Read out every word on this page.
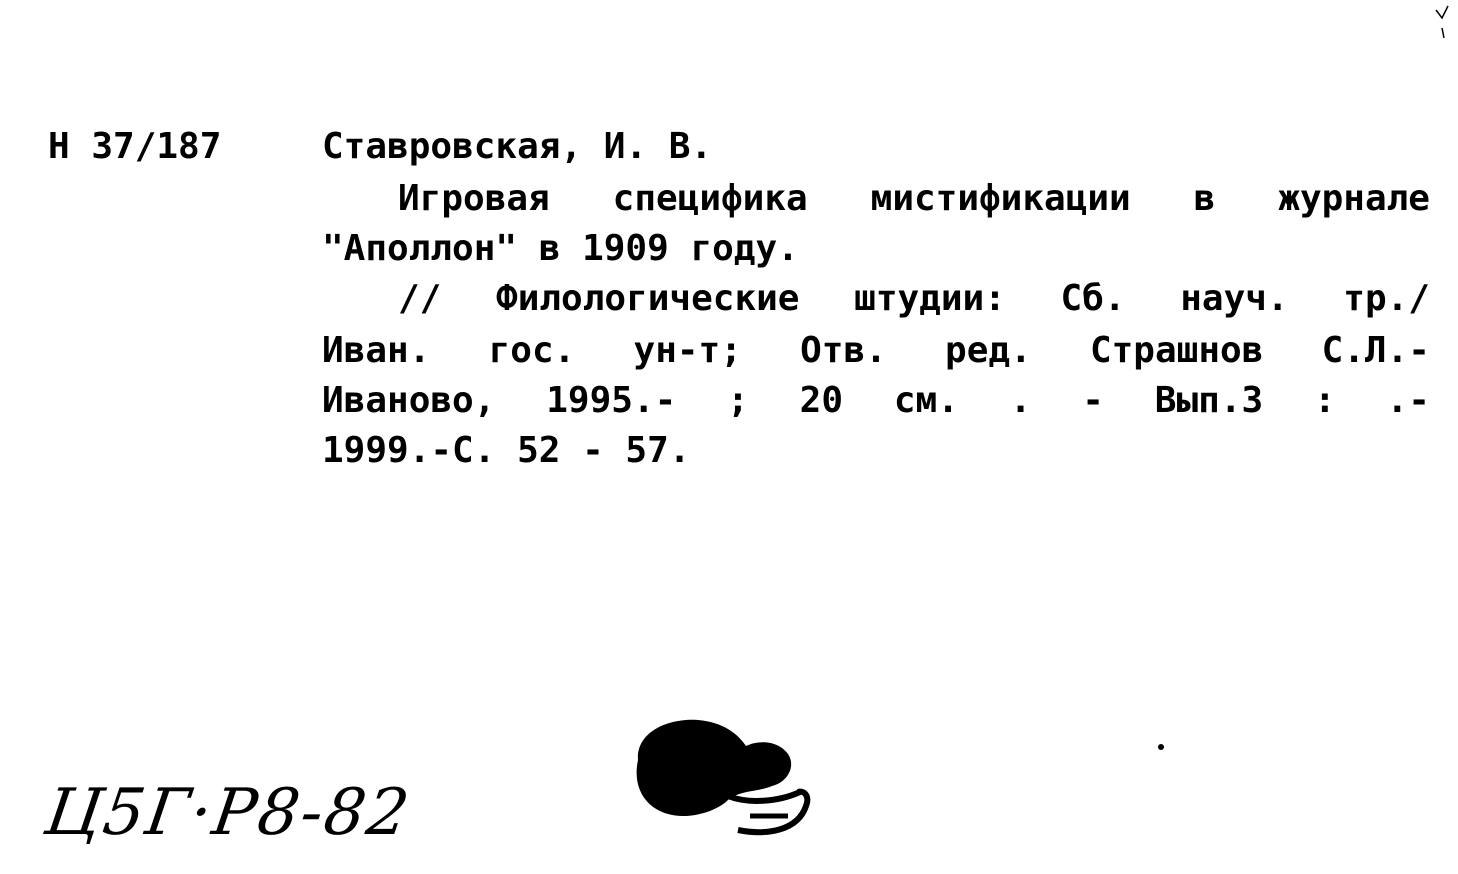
Н 37/187	Ставровская, И. В.
Игровая специфика мистификации в журнале
"Аполлон" в 1909 году.
// Филологические штудии: Сб. науч. тр./
Иван. гос. ун-т; Отв. ред. Страшнов С.Л.-
Иваново, 1995.- ; 20 см. . - Вып.3 : .-
1999.-С. 52 - 57.
Ц5Г·Р8-82
